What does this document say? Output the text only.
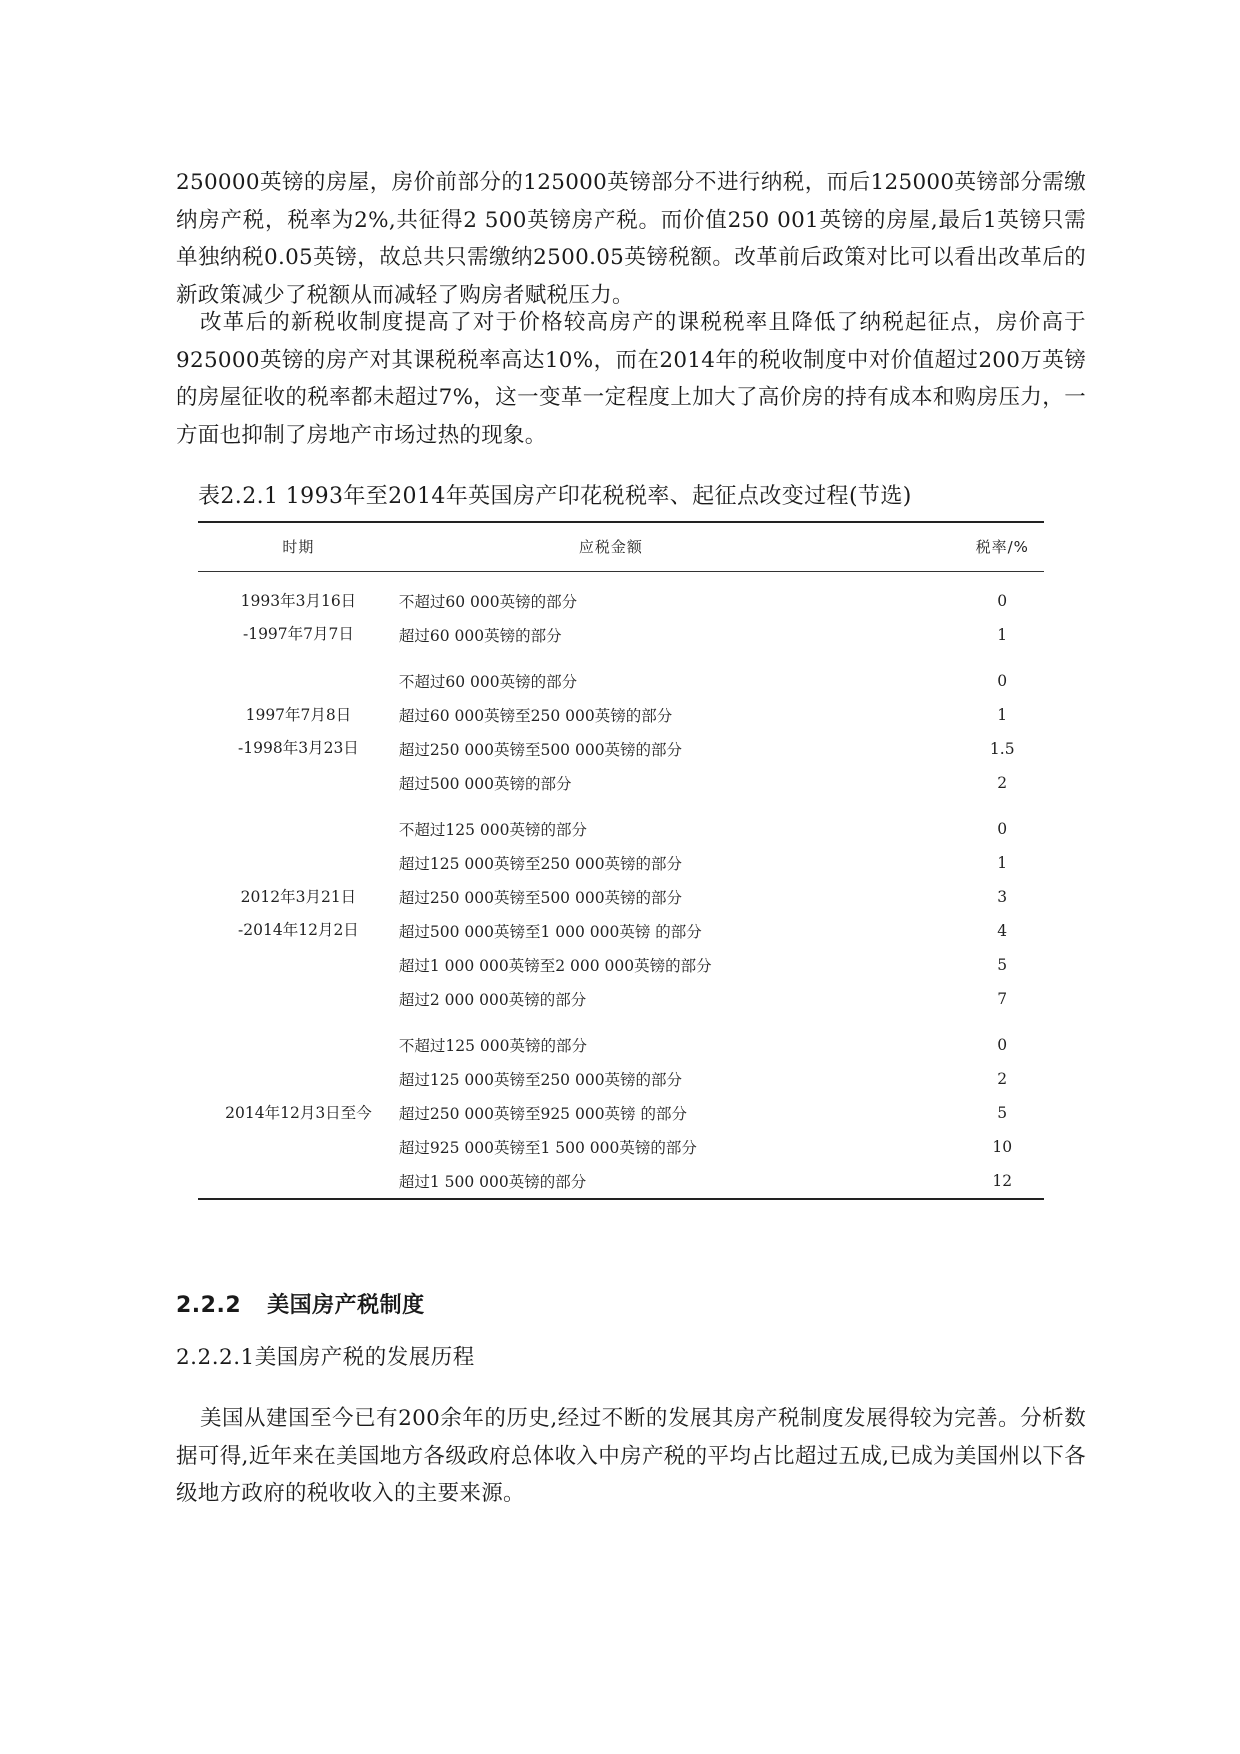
250000英镑的房屋，房价前部分的125000英镑部分不进行纳税，而后125000英镑部分需缴纳房产税，税率为2%,共征得2 500英镑房产税。而价值250 001英镑的房屋,最后1英镑只需单独纳税0.05英镑，故总共只需缴纳2500.05英镑税额。改革前后政策对比可以看出改革后的新政策减少了税额从而减轻了购房者赋税压力。

改革后的新税收制度提高了对于价格较高房产的课税税率且降低了纳税起征点，房价高于925000英镑的房产对其课税税率高达10%，而在2014年的税收制度中对价值超过200万英镑的房屋征收的税率都未超过7%，这一变革一定程度上加大了高价房的持有成本和购房压力，一方面也抑制了房地产市场过热的现象。

表2.2.1 1993年至2014年英国房产印花税税率、起征点改变过程(节选)

时期	应税金额	税率/%

1993年3月16日
-1997年7月7日	不超过60 000英镑的部分	0
	超过60 000英镑的部分	1

1997年7月8日
-1998年3月23日	不超过60 000英镑的部分	0
	超过60 000英镑至250 000英镑的部分	1
	超过250 000英镑至500 000英镑的部分	1.5
	超过500 000英镑的部分	2

2012年3月21日
-2014年12月2日	不超过125 000英镑的部分	0
	超过125 000英镑至250 000英镑的部分	1
	超过250 000英镑至500 000英镑的部分	3
	超过500 000英镑至1 000 000英镑 的部分	4
	超过1 000 000英镑至2 000 000英镑的部分	5
	超过2 000 000英镑的部分	7

2014年12月3日至今	不超过125 000英镑的部分	0
	超过125 000英镑至250 000英镑的部分	2
	超过250 000英镑至925 000英镑 的部分	5
	超过925 000英镑至1 500 000英镑的部分	10
	超过1 500 000英镑的部分	12
2.2.2 美国房产税制度
2.2.2.1美国房产税的发展历程

美国从建国至今已有200余年的历史,经过不断的发展其房产税制度发展得较为完善。分析数据可得,近年来在美国地方各级政府总体收入中房产税的平均占比超过五成,已成为美国州以下各级地方政府的税收收入的主要来源。
